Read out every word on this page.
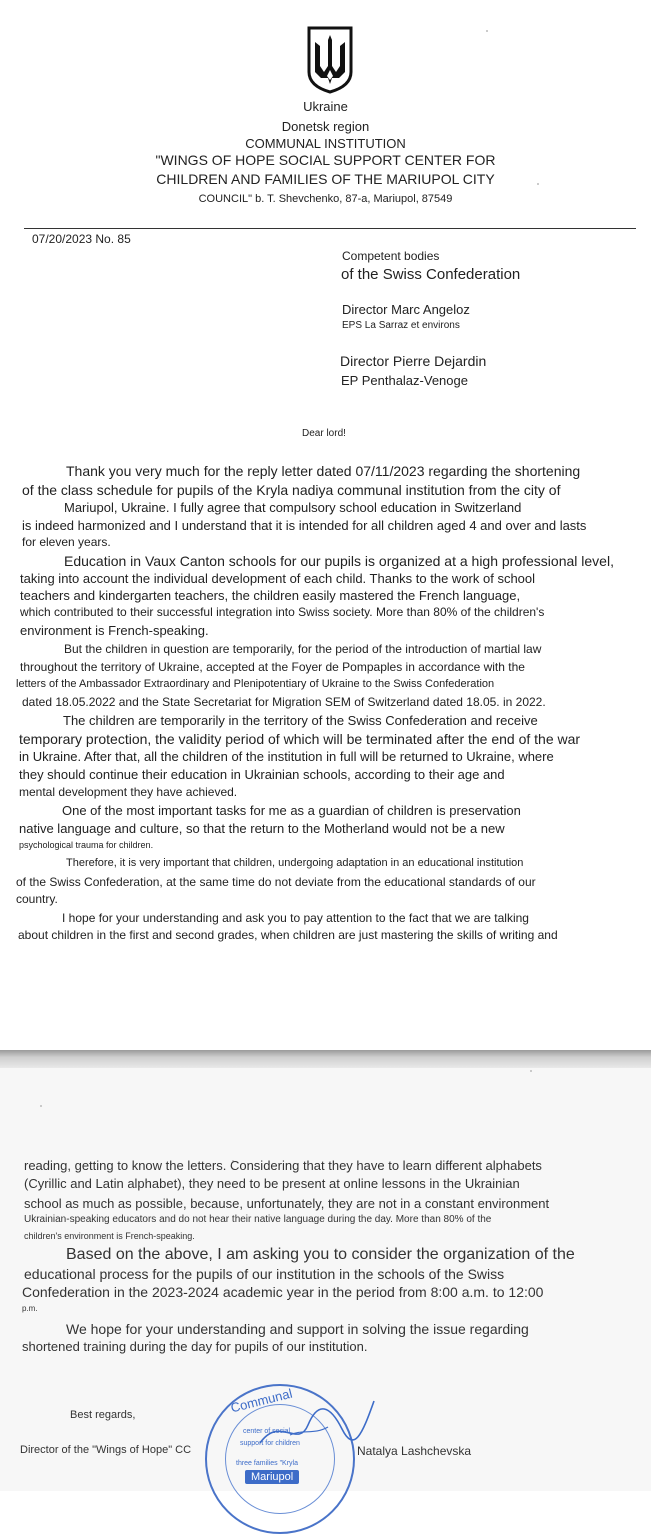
Ukraine
Donetsk region
COMMUNAL INSTITUTION
"WINGS OF HOPE SOCIAL SUPPORT CENTER FOR
CHILDREN AND FAMILIES OF THE MARIUPOL CITY
COUNCIL" b. T. Shevchenko, 87-a, Mariupol, 87549
07/20/2023 No. 85
Competent bodies
of the Swiss Confederation
Director Marc Angeloz
EPS La Sarraz et environs
Director Pierre Dejardin
EP Penthalaz-Venoge
Dear lord!
Thank you very much for the reply letter dated 07/11/2023 regarding the shortening
of the class schedule for pupils of the Kryla nadiya communal institution from the city of
Mariupol, Ukraine. I fully agree that compulsory school education in Switzerland
is indeed harmonized and I understand that it is intended for all children aged 4 and over and lasts
for eleven years.
Education in Vaux Canton schools for our pupils is organized at a high professional level,
taking into account the individual development of each child. Thanks to the work of school
teachers and kindergarten teachers, the children easily mastered the French language,
which contributed to their successful integration into Swiss society. More than 80% of the children's
environment is French-speaking.
But the children in question are temporarily, for the period of the introduction of martial law
throughout the territory of Ukraine, accepted at the Foyer de Pompaples in accordance with the
letters of the Ambassador Extraordinary and Plenipotentiary of Ukraine to the Swiss Confederation
dated 18.05.2022 and the State Secretariat for Migration SEM of Switzerland dated 18.05. in 2022.
The children are temporarily in the territory of the Swiss Confederation and receive
temporary protection, the validity period of which will be terminated after the end of the war
in Ukraine. After that, all the children of the institution in full will be returned to Ukraine, where
they should continue their education in Ukrainian schools, according to their age and
mental development they have achieved.
One of the most important tasks for me as a guardian of children is preservation
native language and culture, so that the return to the Motherland would not be a new
psychological trauma for children.
Therefore, it is very important that children, undergoing adaptation in an educational institution
of the Swiss Confederation, at the same time do not deviate from the educational standards of our
country.
I hope for your understanding and ask you to pay attention to the fact that we are talking
about children in the first and second grades, when children are just mastering the skills of writing and
reading, getting to know the letters. Considering that they have to learn different alphabets
(Cyrillic and Latin alphabet), they need to be present at online lessons in the Ukrainian
school as much as possible, because, unfortunately, they are not in a constant environment
Ukrainian-speaking educators and do not hear their native language during the day. More than 80% of the
children's environment is French-speaking.
Based on the above, I am asking you to consider the organization of the
educational process for the pupils of our institution in the schools of the Swiss
Confederation in the 2023-2024 academic year in the period from 8:00 a.m. to 12:00
p.m.
We hope for your understanding and support in solving the issue regarding
shortened training during the day for pupils of our institution.
Best regards,
Director of the "Wings of Hope" CC	Natalya Lashchevska
Communal
center of social
support for children
three families "Kryla
Mariupol
